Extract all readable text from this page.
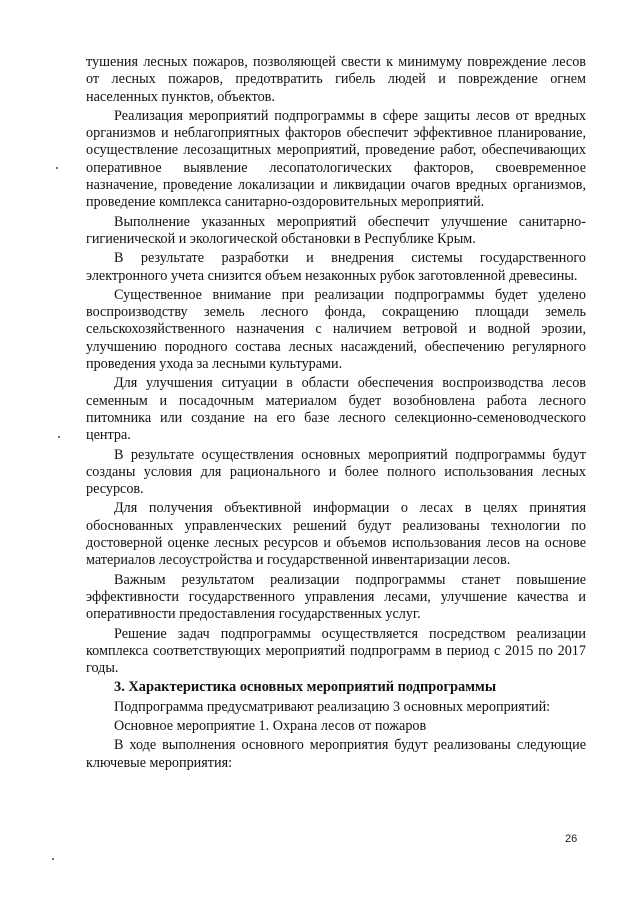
тушения лесных пожаров, позволяющей свести к минимуму повреждение лесов от лесных пожаров, предотвратить гибель людей и повреждение огнем населенных пунктов, объектов.

Реализация мероприятий подпрограммы в сфере защиты лесов от вредных организмов и неблагоприятных факторов обеспечит эффективное планирование, осуществление лесозащитных мероприятий, проведение работ, обеспечивающих оперативное выявление лесопатологических факторов, своевременное назначение, проведение локализации и ликвидации очагов вредных организмов, проведение комплекса санитарно-оздоровительных мероприятий.

Выполнение указанных мероприятий обеспечит улучшение санитарно-гигиенической и экологической обстановки в Республике Крым.

В результате разработки и внедрения системы государственного электронного учета снизится объем незаконных рубок заготовленной древесины.

Существенное внимание при реализации подпрограммы будет уделено воспроизводству земель лесного фонда, сокращению площади земель сельскохозяйственного назначения с наличием ветровой и водной эрозии, улучшению породного состава лесных насаждений, обеспечению регулярного проведения ухода за лесными культурами.

Для улучшения ситуации в области обеспечения воспроизводства лесов семенным и посадочным материалом будет возобновлена работа лесного питомника или создание на его базе лесного селекционно-семеноводческого центра.

В результате осуществления основных мероприятий подпрограммы будут созданы условия для рационального и более полного использования лесных ресурсов.

Для получения объективной информации о лесах в целях принятия обоснованных управленческих решений будут реализованы технологии по достоверной оценке лесных ресурсов и объемов использования лесов на основе материалов лесоустройства и государственной инвентаризации лесов.

Важным результатом реализации подпрограммы станет повышение эффективности государственного управления лесами, улучшение качества и оперативности предоставления государственных услуг.

Решение задач подпрограммы осуществляется посредством реализации комплекса соответствующих мероприятий подпрограмм в период с 2015 по 2017 годы.

3. Характеристика основных мероприятий подпрограммы

Подпрограмма предусматривают реализацию 3 основных мероприятий:

Основное мероприятие 1. Охрана лесов от пожаров

В ходе выполнения основного мероприятия будут реализованы следующие ключевые мероприятия:

26
